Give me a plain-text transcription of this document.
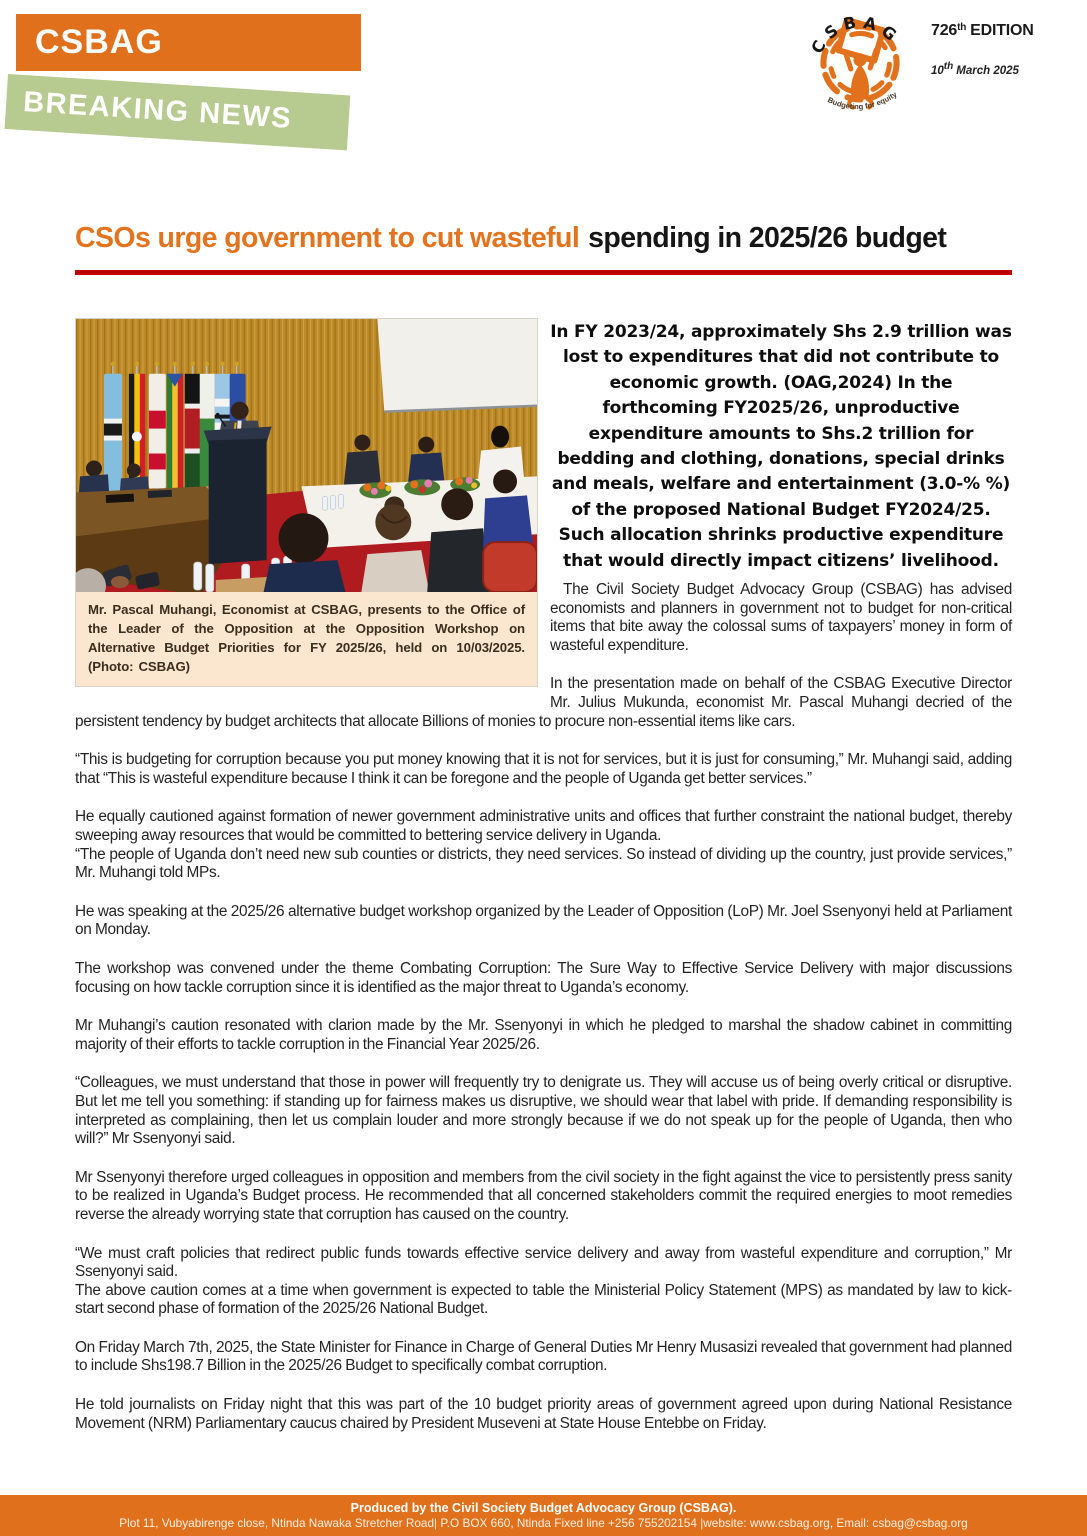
CSBAG
BREAKING NEWS
C S B A G
Budgeting for equity
726th EDITION
10th March 2025
CSOs urge government to cut wasteful spending in 2025/26 budget
Mr. Pascal Muhangi, Economist at CSBAG, presents to the Office of the Leader of the Opposition at the Opposition Workshop on Alternative Budget Priorities for FY 2025/26, held on 10/03/2025. (Photo: CSBAG)
In FY 2023/24, approximately Shs 2.9 trillion was lost to expenditures that did not contribute to economic growth. (OAG,2024) In the forthcoming FY2025/26, unproductive expenditure amounts to Shs.2 trillion for bedding and clothing, donations, special drinks and meals, welfare and entertainment (3.0-% %) of the proposed National Budget FY2024/25. Such allocation shrinks productive expenditure that would directly impact citizens’ livelihood.

The Civil Society Budget Advocacy Group (CSBAG) has advised economists and planners in government not to budget for non-critical items that bite away the colossal sums of taxpayers’ money in form of wasteful expenditure.

In the presentation made on behalf of the CSBAG Executive Director Mr. Julius Mukunda, economist Mr. Pascal Muhangi decried of the persistent tendency by budget architects that allocate Billions of monies to procure non-essential items like cars.

“This is budgeting for corruption because you put money knowing that it is not for services, but it is just for consuming,” Mr. Muhangi said, adding that “This is wasteful expenditure because I think it can be foregone and the people of Uganda get better services.”

He equally cautioned against formation of newer government administrative units and offices that further constraint the national budget, thereby sweeping away resources that would be committed to bettering service delivery in Uganda.

“The people of Uganda don’t need new sub counties or districts, they need services. So instead of dividing up the country, just provide services,” Mr. Muhangi told MPs.

He was speaking at the 2025/26 alternative budget workshop organized by the Leader of Opposition (LoP) Mr. Joel Ssenyonyi held at Parliament on Monday.

The workshop was convened under the theme Combating Corruption: The Sure Way to Effective Service Delivery with major discussions focusing on how tackle corruption since it is identified as the major threat to Uganda’s economy.

Mr Muhangi’s caution resonated with clarion made by the Mr. Ssenyonyi in which he pledged to marshal the shadow cabinet in committing majority of their efforts to tackle corruption in the Financial Year 2025/26.

“Colleagues, we must understand that those in power will frequently try to denigrate us. They will accuse us of being overly critical or disruptive. But let me tell you something: if standing up for fairness makes us disruptive, we should wear that label with pride. If demanding responsibility is interpreted as complaining, then let us complain louder and more strongly because if we do not speak up for the people of Uganda, then who will?” Mr Ssenyonyi said.

Mr Ssenyonyi therefore urged colleagues in opposition and members from the civil society in the fight against the vice to persistently press sanity to be realized in Uganda’s Budget process. He recommended that all concerned stakeholders commit the required energies to moot remedies reverse the already worrying state that corruption has caused on the country.

“We must craft policies that redirect public funds towards effective service delivery and away from wasteful expenditure and corruption,” Mr Ssenyonyi said.

The above caution comes at a time when government is expected to table the Ministerial Policy Statement (MPS) as mandated by law to kick-start second phase of formation of the 2025/26 National Budget.

On Friday March 7th, 2025, the State Minister for Finance in Charge of General Duties Mr Henry Musasizi revealed that government had planned to include Shs198.7 Billion in the 2025/26 Budget to specifically combat corruption.

He told journalists on Friday night that this was part of the 10 budget priority areas of government agreed upon during National Resistance Movement (NRM) Parliamentary caucus chaired by President Museveni at State House Entebbe on Friday.

Produced by the Civil Society Budget Advocacy Group (CSBAG).
Plot 11, Vubyabirenge close, Ntinda Nawaka Stretcher Road| P.O BOX 660, Ntinda Fixed line +256 755202154 |website: www.csbag.org, Email: csbag@csbag.org
